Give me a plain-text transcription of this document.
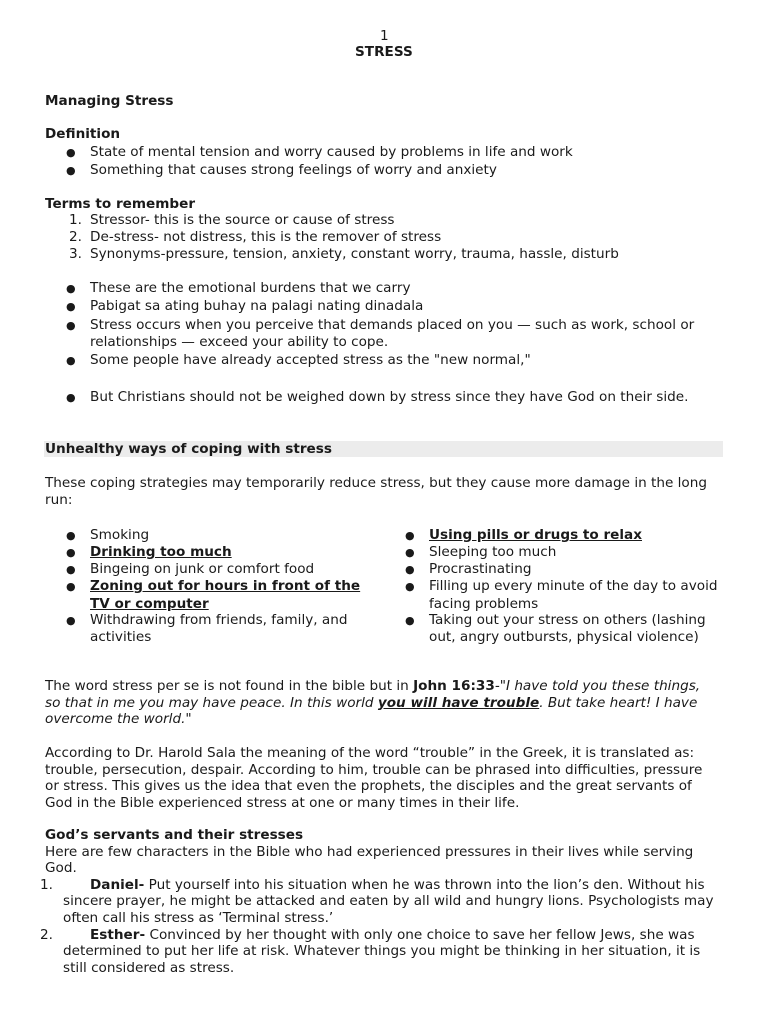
1
STRESS
Managing Stress
Definition
● State of mental tension and worry caused by problems in life and work
● Something that causes strong feelings of worry and anxiety
Terms to remember
1. Stressor- this is the source or cause of stress
2. De-stress- not distress, this is the remover of stress
3. Synonyms-pressure, tension, anxiety, constant worry, trauma, hassle, disturb
● These are the emotional burdens that we carry
● Pabigat sa ating buhay na palagi nating dinadala
● Stress occurs when you perceive that demands placed on you — such as work, school or
relationships — exceed your ability to cope.
● Some people have already accepted stress as the "new normal,"
● But Christians should not be weighed down by stress since they have God on their side.
Unhealthy ways of coping with stress
These coping strategies may temporarily reduce stress, but they cause more damage in the long
run:
● Smoking
● Drinking too much
● Bingeing on junk or comfort food
● Zoning out for hours in front of the
TV or computer
● Withdrawing from friends, family, and
activities
● Using pills or drugs to relax
● Sleeping too much
● Procrastinating
● Filling up every minute of the day to avoid
facing problems
● Taking out your stress on others (lashing
out, angry outbursts, physical violence)
The word stress per se is not found in the bible but in John 16:33-"I have told you these things,
so that in me you may have peace. In this world you will have trouble. But take heart! I have
overcome the world."
According to Dr. Harold Sala the meaning of the word “trouble” in the Greek, it is translated as:
trouble, persecution, despair. According to him, trouble can be phrased into difficulties, pressure
or stress. This gives us the idea that even the prophets, the disciples and the great servants of
God in the Bible experienced stress at one or many times in their life.
God’s servants and their stresses
Here are few characters in the Bible who had experienced pressures in their lives while serving
God.
1.	Daniel- Put yourself into his situation when he was thrown into the lion’s den. Without his
sincere prayer, he might be attacked and eaten by all wild and hungry lions. Psychologists may
often call his stress as ‘Terminal stress.’
2.	Esther- Convinced by her thought with only one choice to save her fellow Jews, she was
determined to put her life at risk. Whatever things you might be thinking in her situation, it is
still considered as stress.
